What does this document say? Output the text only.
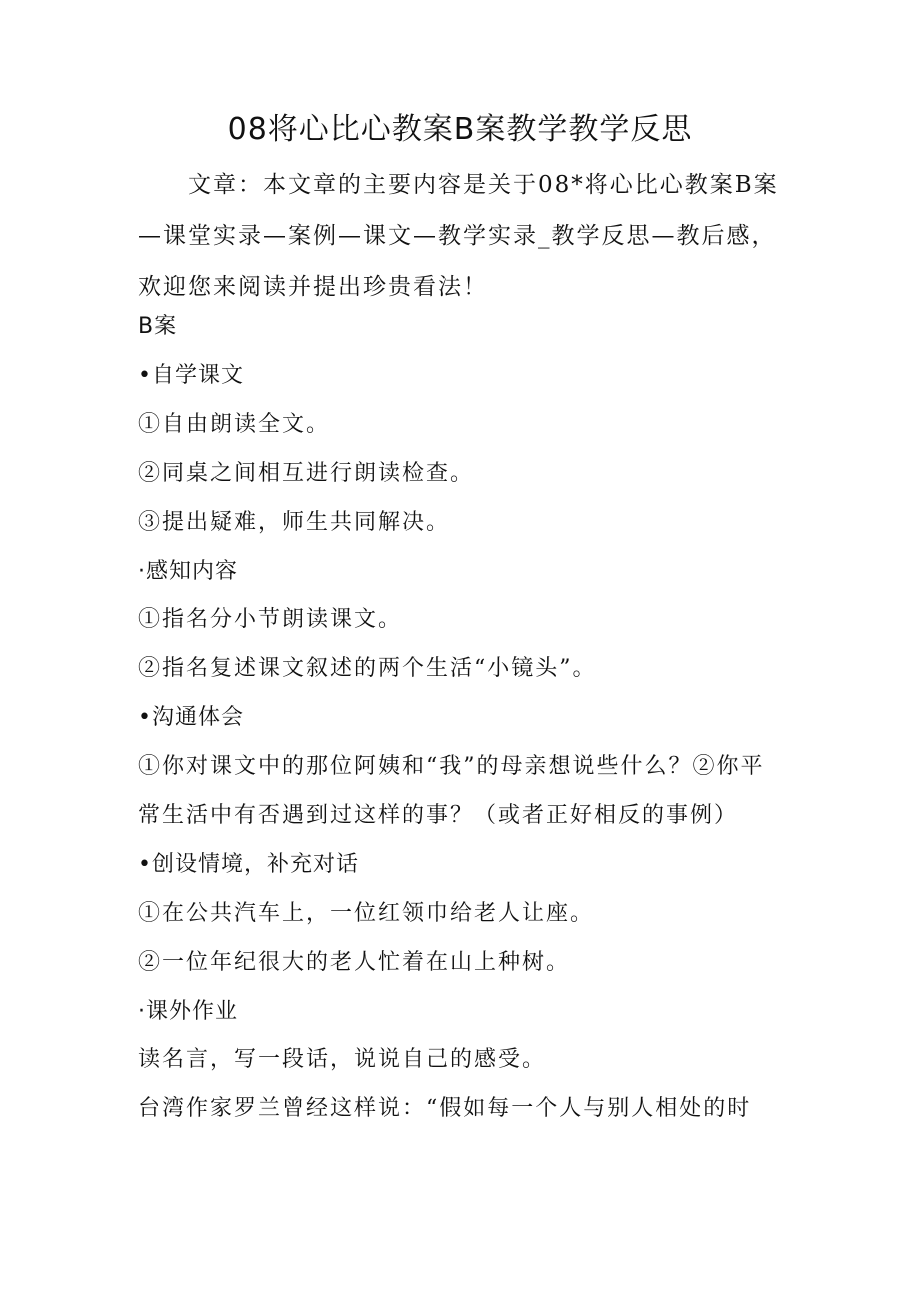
08将心比心教案B案教学教学反思

文章：本文章的主要内容是关于08*将心比心教案B案—课堂实录—案例—课文—教学实录_教学反思—教后感，欢迎您来阅读并提出珍贵看法！

B案

•自学课文

①自由朗读全文。

②同桌之间相互进行朗读检查。

③提出疑难，师生共同解决。

·感知内容

①指名分小节朗读课文。

②指名复述课文叙述的两个生活“小镜头”。

•沟通体会

①你对课文中的那位阿姨和“我”的母亲想说些什么？②你平

常生活中有否遇到过这样的事？（或者正好相反的事例）

•创设情境，补充对话

①在公共汽车上，一位红领巾给老人让座。

②一位年纪很大的老人忙着在山上种树。

·课外作业

读名言，写一段话，说说自己的感受。

台湾作家罗兰曾经这样说：“假如每一个人与别人相处的时
